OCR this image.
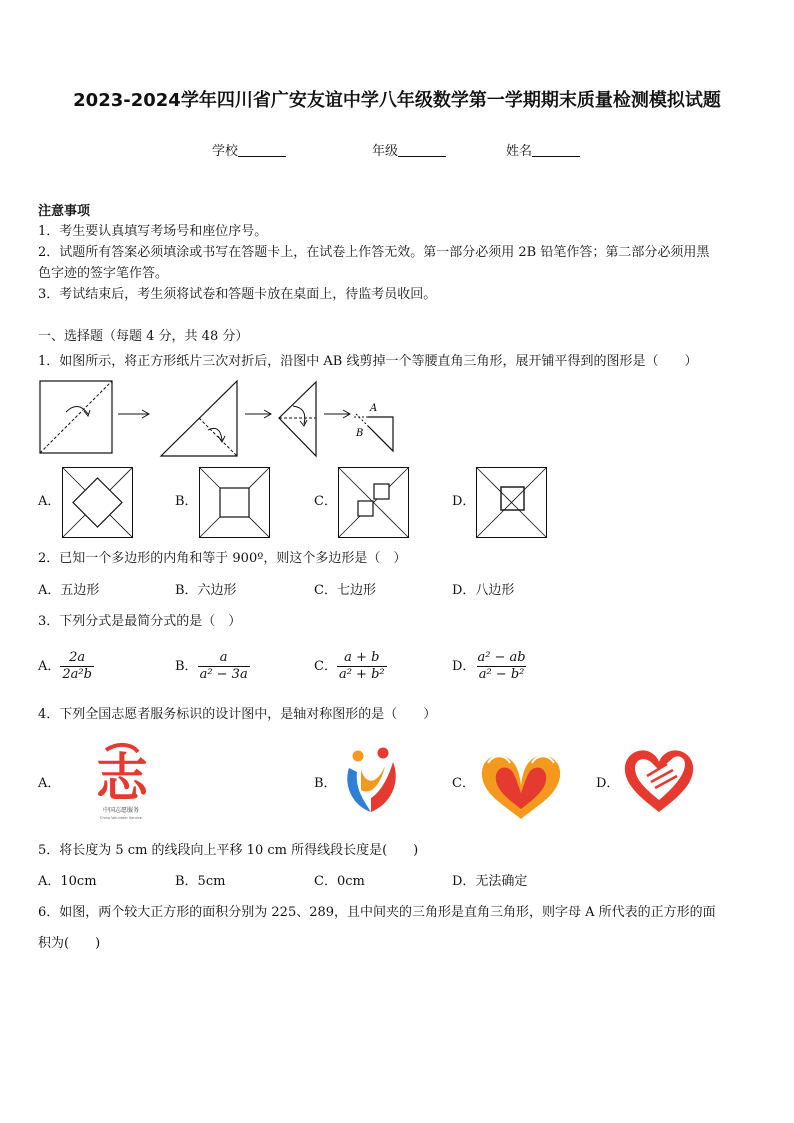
2023-2024学年四川省广安友谊中学八年级数学第一学期期末质量检测模拟试题
学校	年级	姓名
注意事项
1．考生要认真填写考场号和座位序号。
2．试题所有答案必须填涂或书写在答题卡上，在试卷上作答无效。第一部分必须用 2B 铅笔作答；第二部分必须用黑
色字迹的签字笔作答。
3．考试结束后，考生须将试卷和答题卡放在桌面上，待监考员收回。
一、选择题（每题 4 分，共 48 分）
1．如图所示，将正方形纸片三次对折后，沿图中 AB 线剪掉一个等腰直角三角形，展开铺平得到的图形是（　　）
A
B
A．	B．	C．	D．
2．已知一个多边形的内角和等于 900º，则这个多边形是（　）
A．五边形	B．六边形	C．七边形	D．八边形
3．下列分式是最简分式的是（　）
A． $\frac{2a}{\text{2a²b}}$	B． $\frac{a}{\text{a² − 3a}}$	C． $\frac{a + b}{\text{a² + b²}}$	D． $\frac{\text{a² − ab}}{\text{a² − b²}}$
4．下列全国志愿者服务标识的设计图中，是轴对称图形的是（　　）
A． 志
中国志愿服务
China Volunteer Service
B．	C．	D．
5．将长度为 5 cm 的线段向上平移 10 cm 所得线段长度是(　　)
A．10cm	B．5cm	C．0cm	D．无法确定
6．如图，两个较大正方形的面积分别为 225、289，且中间夹的三角形是直角三角形，则字母 A 所代表的正方形的面
积为(　　)
